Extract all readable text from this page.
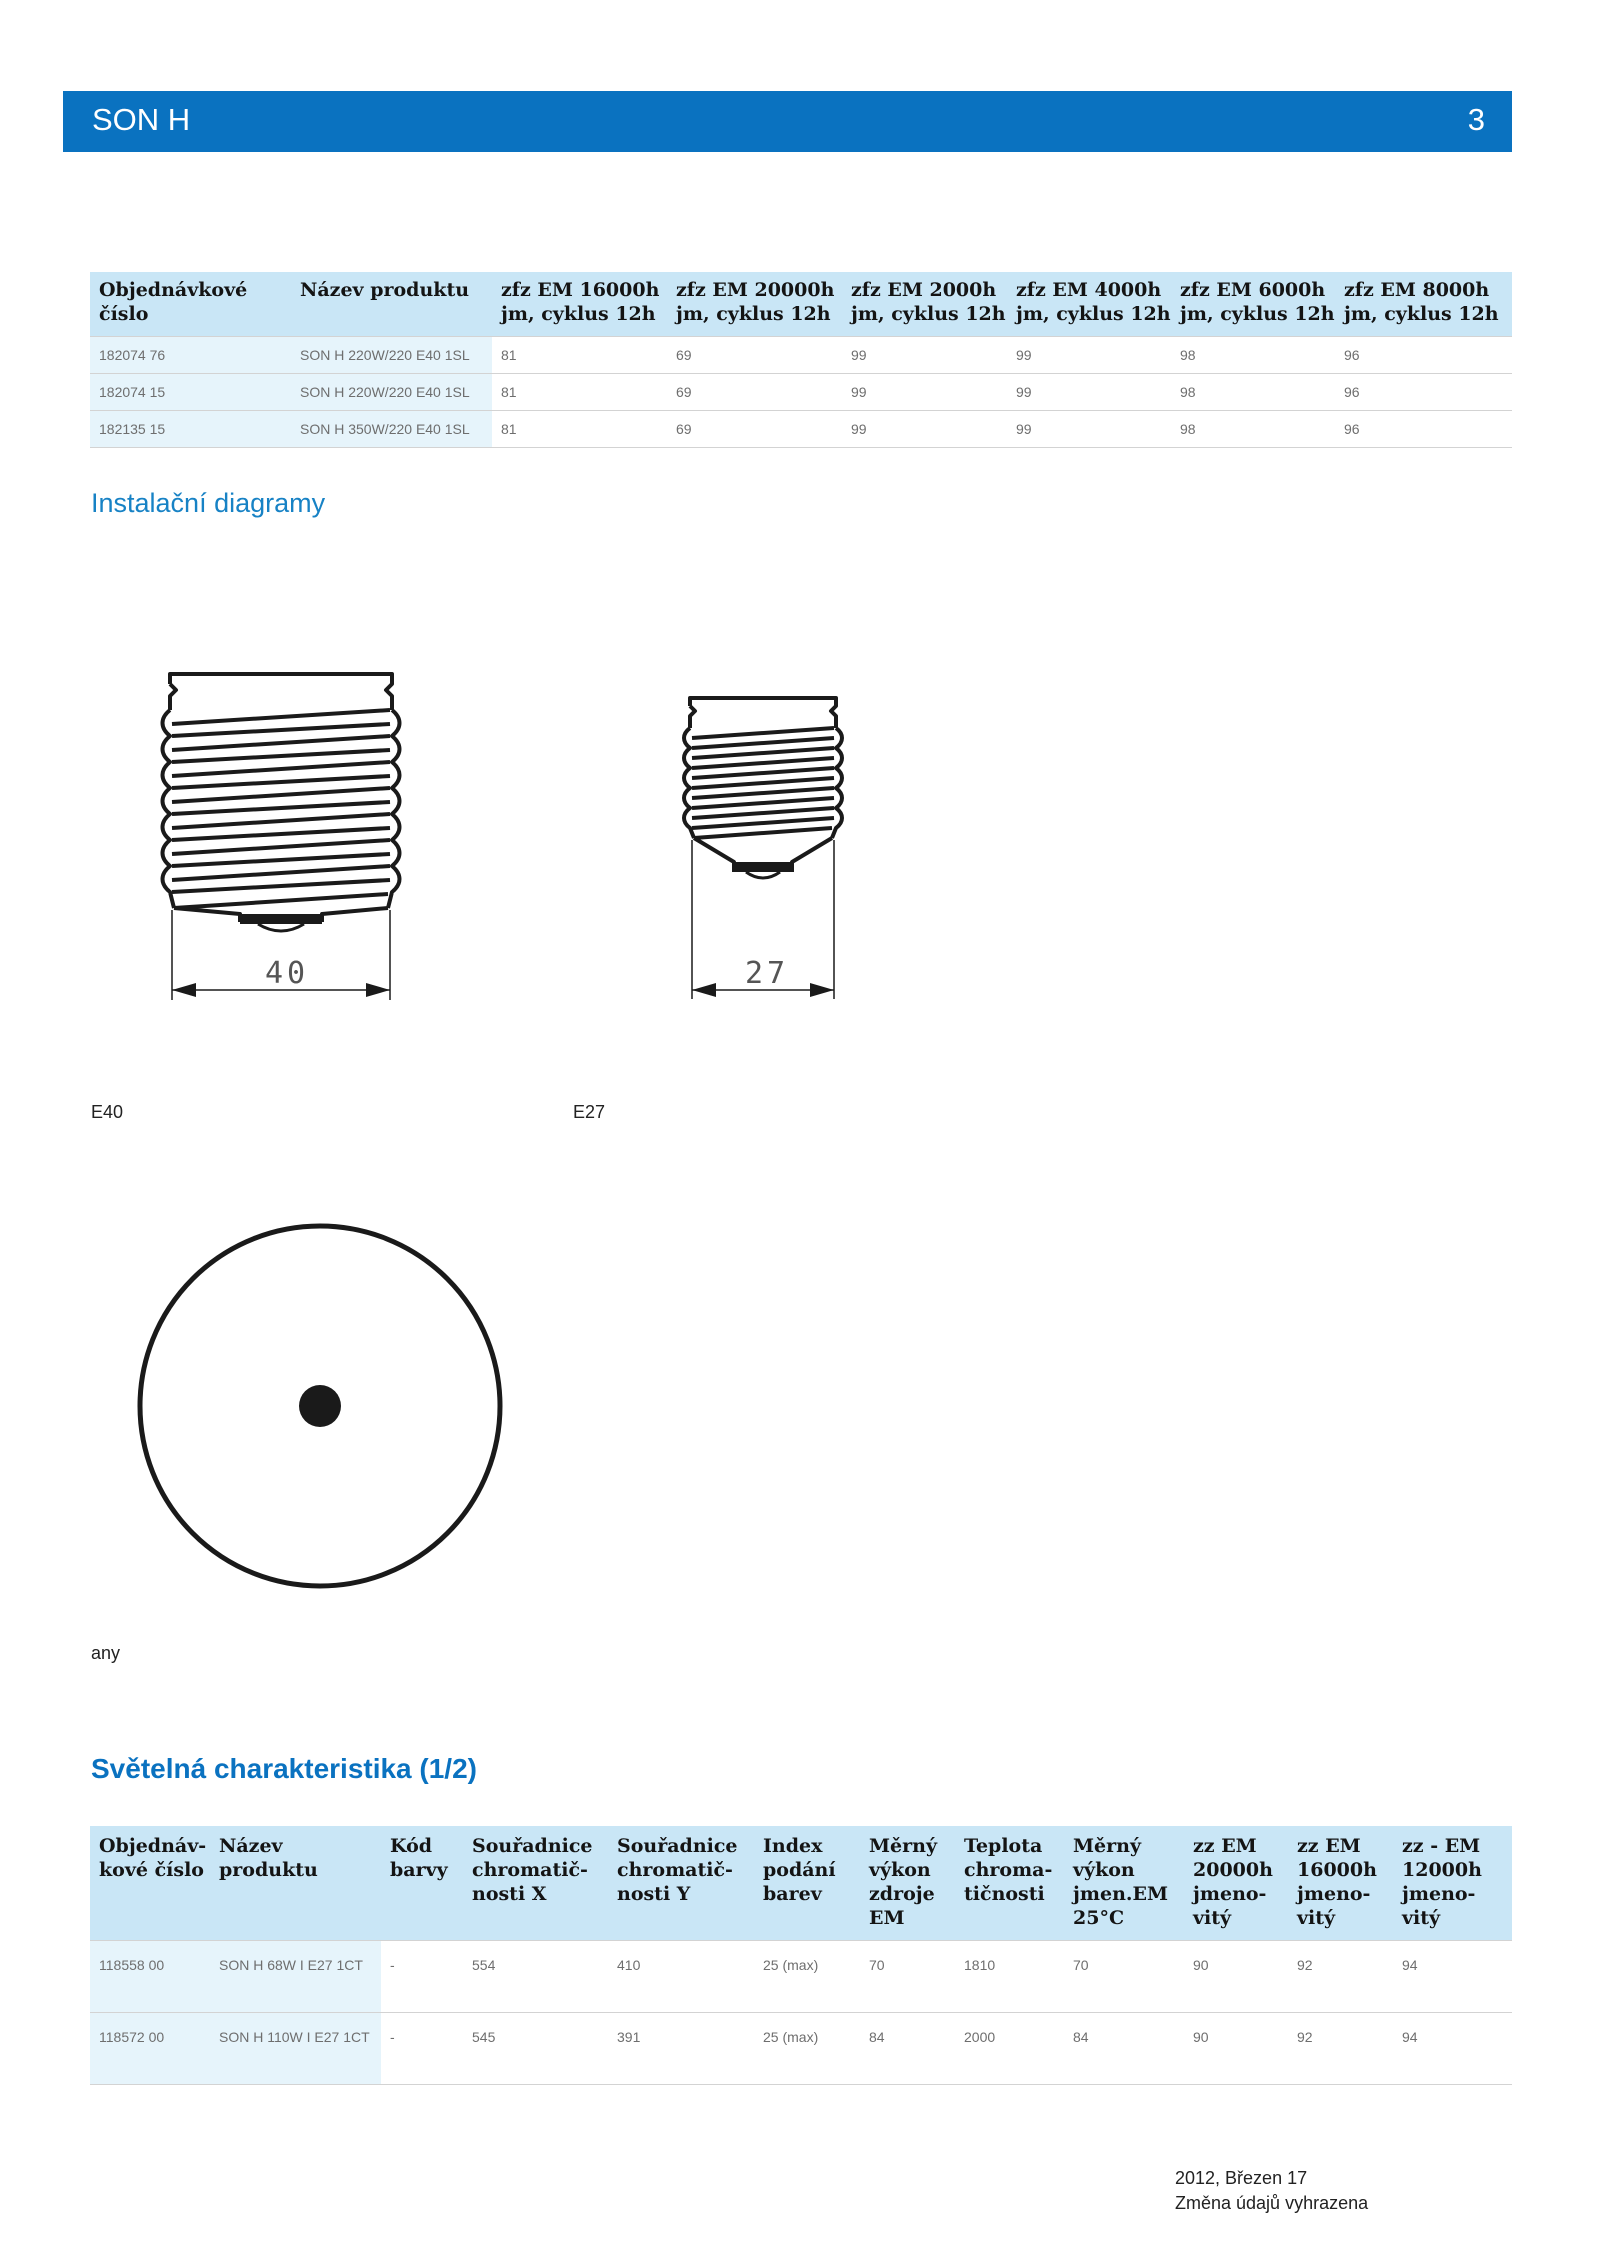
SON H	3
Objednávkové číslo	Název produktu	zfz EM 16000h jm, cyklus 12h	zfz EM 20000h jm, cyklus 12h	zfz EM 2000h jm, cyklus 12h	zfz EM 4000h jm, cyklus 12h	zfz EM 6000h jm, cyklus 12h	zfz EM 8000h jm, cyklus 12h
182074 76	SON H 220W/220 E40 1SL	81	69	99	99	98	96
182074 15	SON H 220W/220 E40 1SL	81	69	99	99	98	96
182135 15	SON H 350W/220 E40 1SL	81	69	99	99	98	96
Instalační diagramy
40	27
E40	E27
any
Světelná charakteristika (1/2)
Objednáv-kové číslo	Název produktu	Kód barvy	Souřadnice chromatič-nosti X	Souřadnice chromatič-nosti Y	Index podání barev	Měrný výkon zdroje EM	Teplota chroma-tičnosti	Měrný výkon jmen.EM 25°C	zz EM 20000h jmeno-vitý	zz EM 16000h jmeno-vitý	zz - EM 12000h jmeno-vitý
118558 00	SON H 68W I E27 1CT	-	554	410	25 (max)	70	1810	70	90	92	94
118572 00	SON H 110W I E27 1CT	-	545	391	25 (max)	84	2000	84	90	92	94
2012, Březen 17
Změna údajů vyhrazena
